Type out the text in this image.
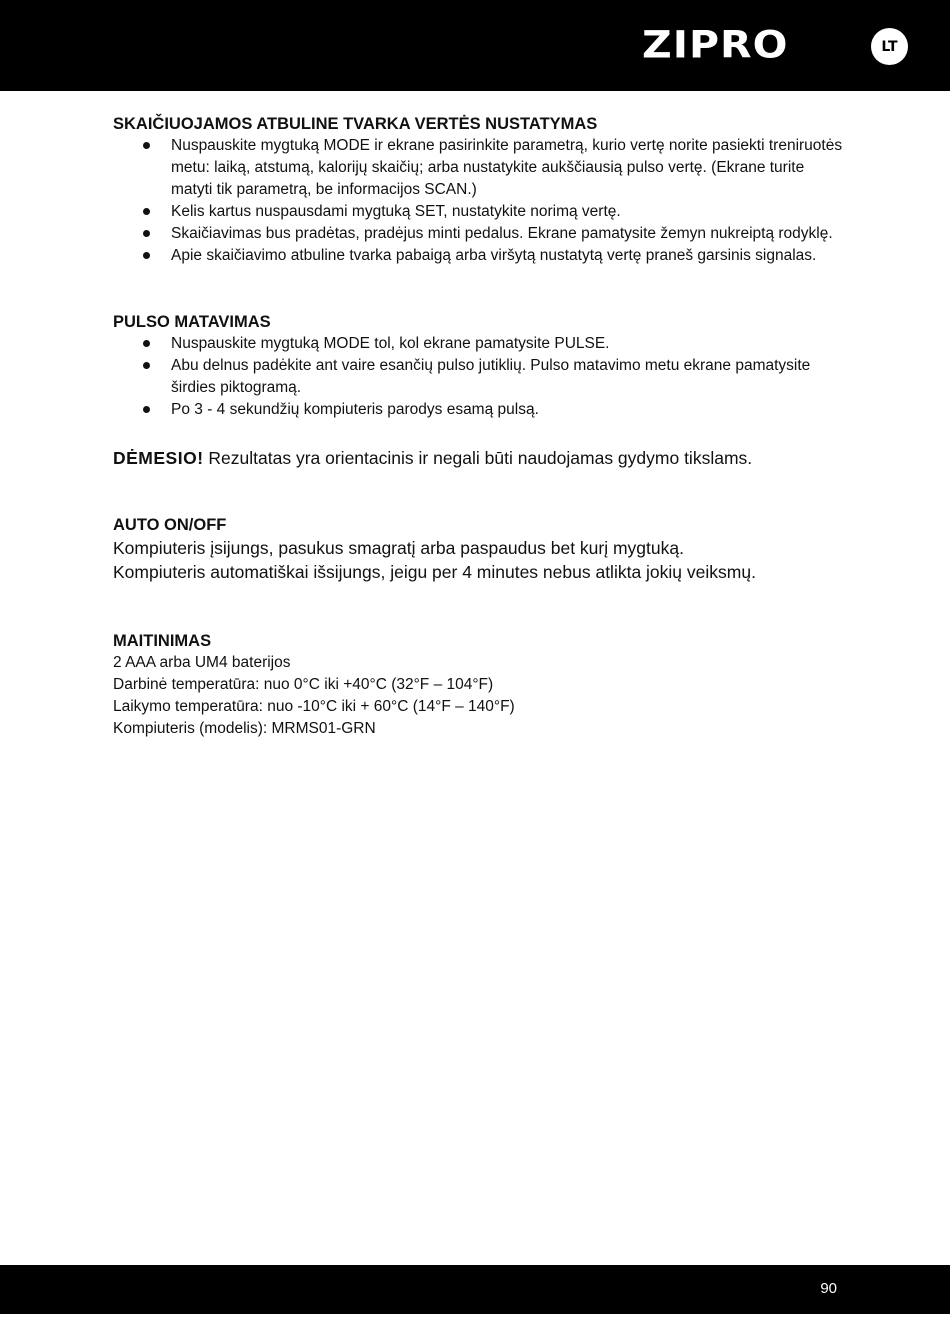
ZIPRO	LT
SKAIČIUOJAMOS ATBULINE TVARKA VERTĖS NUSTATYMAS
Nuspauskite mygtuką MODE ir ekrane pasirinkite parametrą, kurio vertę norite pasiekti treniruotės metu: laiką, atstumą, kalorijų skaičių; arba nustatykite aukščiausią pulso vertę. (Ekrane turite matyti tik parametrą, be informacijos SCAN.)
Kelis kartus nuspausdami mygtuką SET, nustatykite norimą vertę.
Skaičiavimas bus pradėtas, pradėjus minti pedalus. Ekrane pamatysite žemyn nukreiptą rodyklę.
Apie skaičiavimo atbuline tvarka pabaigą arba viršytą nustatytą vertę praneš garsinis signalas.
PULSO MATAVIMAS
Nuspauskite mygtuką MODE tol, kol ekrane pamatysite PULSE.
Abu delnus padėkite ant vaire esančių pulso jutiklių. Pulso matavimo metu ekrane pamatysite širdies piktogramą.
Po 3 - 4 sekundžių kompiuteris parodys esamą pulsą.

DĖMESIO! Rezultatas yra orientacinis ir negali būti naudojamas gydymo tikslams.

AUTO ON/OFF

Kompiuteris įsijungs, pasukus smagratį arba paspaudus bet kurį mygtuką.

Kompiuteris automatiškai išsijungs, jeigu per 4 minutes nebus atlikta jokių veiksmų.

MAITINIMAS

2 AAA arba UM4 baterijos

Darbinė temperatūra: nuo 0°C iki +40°C (32°F – 104°F)

Laikymo temperatūra: nuo -10°C iki + 60°C (14°F – 140°F)

Kompiuteris (modelis): MRMS01-GRN

90
